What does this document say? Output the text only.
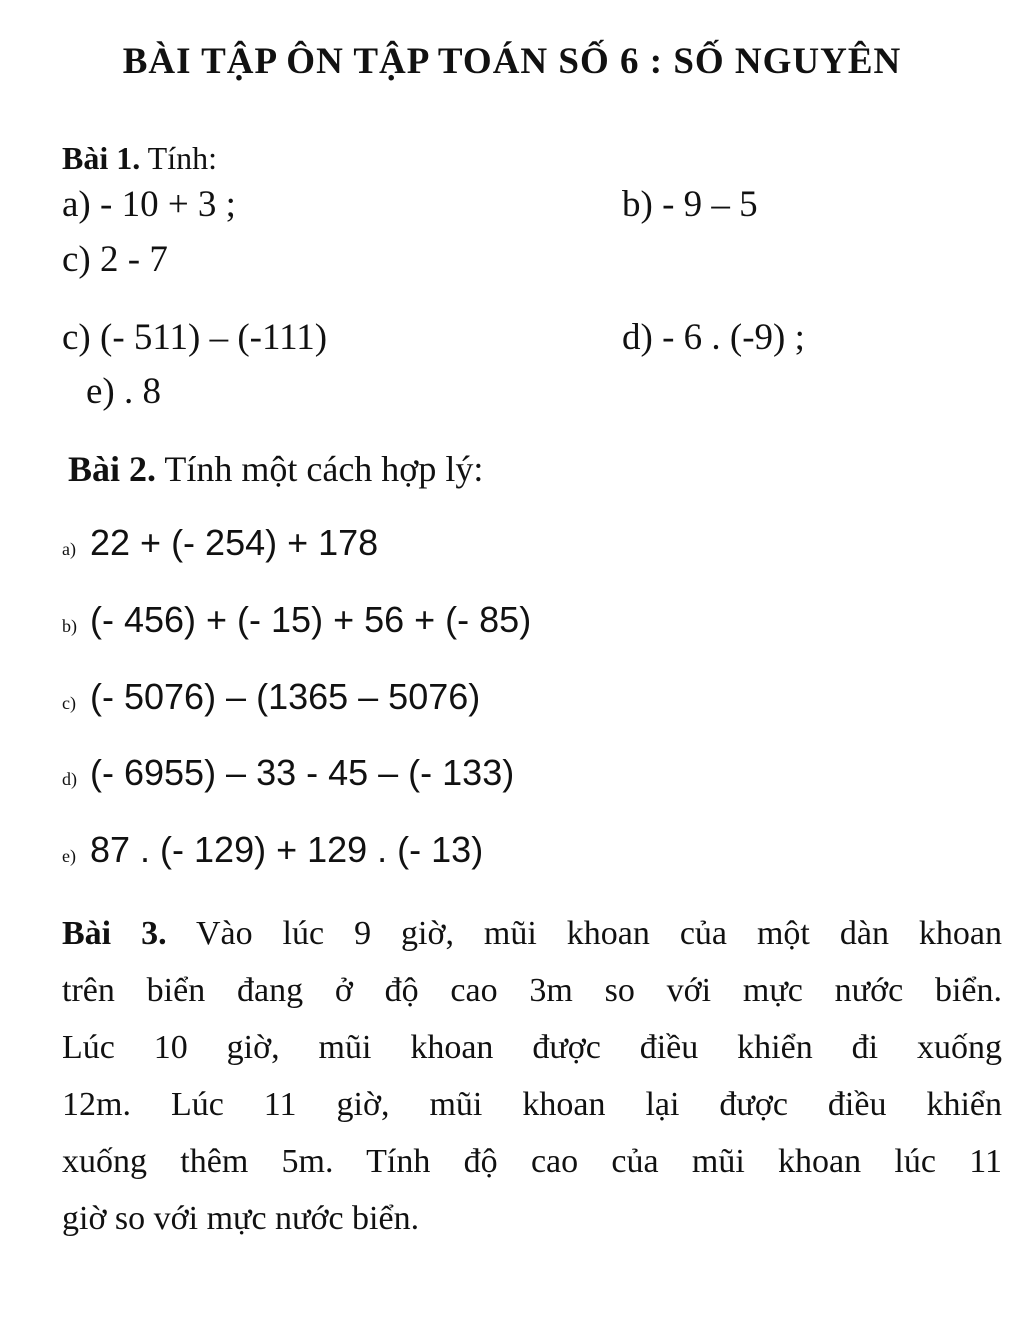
BÀI TẬP ÔN TẬP TOÁN SỐ 6 : SỐ NGUYÊN
Bài 1. Tính:
a) - 10 + 3 ;	b) - 9 – 5
c) 2 - 7
c) (- 511) – (-111)	d) - 6 . (-9) ;
e) . 8
Bài 2. Tính một cách hợp lý:
a) 22 + (- 254) + 178
b) (- 456) + (- 15) + 56 + (- 85)
c) (- 5076) – (1365 – 5076)
d) (- 6955) – 33 - 45 – (- 133)
e) 87 . (- 129) + 129 . (- 13)
Bài 3. Vào lúc 9 giờ, mũi khoan của một dàn khoan
trên biển đang ở độ cao 3m so với mực nước biển.
Lúc 10 giờ, mũi khoan được điều khiển đi xuống
12m. Lúc 11 giờ, mũi khoan lại được điều khiển
xuống thêm 5m. Tính độ cao của mũi khoan lúc 11
giờ so với mực nước biển.
